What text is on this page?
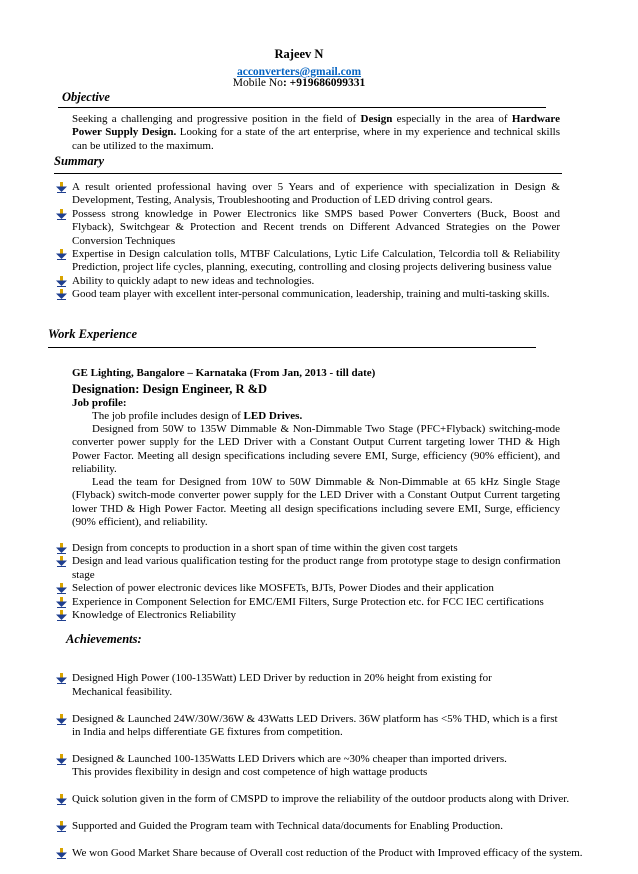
Rajeev N
acconverters@gmail.com
Mobile No: +919686099331
Objective
Seeking a challenging and progressive position in the field of Design especially in the area of Hardware Power Supply Design. Looking for a state of the art enterprise, where in my experience and technical skills can be utilized to the maximum.
Summary
A result oriented professional having over 5 Years and of experience with specialization in Design & Development, Testing, Analysis, Troubleshooting and Production of LED driving control gears.
Possess strong knowledge in Power Electronics like SMPS based Power Converters (Buck, Boost and Flyback), Switchgear & Protection and Recent trends on Different Advanced Strategies on the Power Conversion Techniques
Expertise in Design calculation tolls, MTBF Calculations, Lytic Life Calculation, Telcordia toll & Reliability Prediction, project life cycles, planning, executing, controlling and closing projects delivering business value
Ability to quickly adapt to new ideas and technologies.
Good team player with excellent inter-personal communication, leadership, training and multi-tasking skills.
Work Experience
GE Lighting, Bangalore – Karnataka (From Jan, 2013 - till date)
Designation: Design Engineer, R &D
Job profile:
The job profile includes design of LED Drives.
Designed from 50W to 135W Dimmable & Non-Dimmable Two Stage (PFC+Flyback) switching-mode converter power supply for the LED Driver with a Constant Output Current targeting lower THD & High Power Factor. Meeting all design specifications including severe EMI, Surge, efficiency (90% efficient), and reliability.
Lead the team for Designed from 10W to 50W Dimmable & Non-Dimmable at 65 kHz Single Stage (Flyback) switch-mode converter power supply for the LED Driver with a Constant Output Current targeting lower THD & High Power Factor. Meeting all design specifications including severe EMI, Surge, efficiency (90% efficient), and reliability.
Design from concepts to production in a short span of time within the given cost targets
Design and lead various qualification testing for the product range from prototype stage to design confirmation stage
Selection of power electronic devices like MOSFETs, BJTs, Power Diodes and their application
Experience in Component Selection for EMC/EMI Filters, Surge Protection etc. for FCC IEC certifications
Knowledge of Electronics Reliability
Achievements:

Designed High Power (100-135Watt) LED Driver by reduction in 20% height from existing for
Mechanical feasibility.

Designed & Launched 24W/30W/36W & 43Watts LED Drivers. 36W platform has <5% THD, which is a first
in India and helps differentiate GE fixtures from competition.

Designed & Launched 100-135Watts LED Drivers which are ~30% cheaper than imported drivers.
This provides flexibility in design and cost competence of high wattage products

Quick solution given in the form of CMSPD to improve the reliability of the outdoor products along with Driver.

Supported and Guided the Program team with Technical data/documents for Enabling Production.

We won Good Market Share because of Overall cost reduction of the Product with Improved efficacy of the system.
